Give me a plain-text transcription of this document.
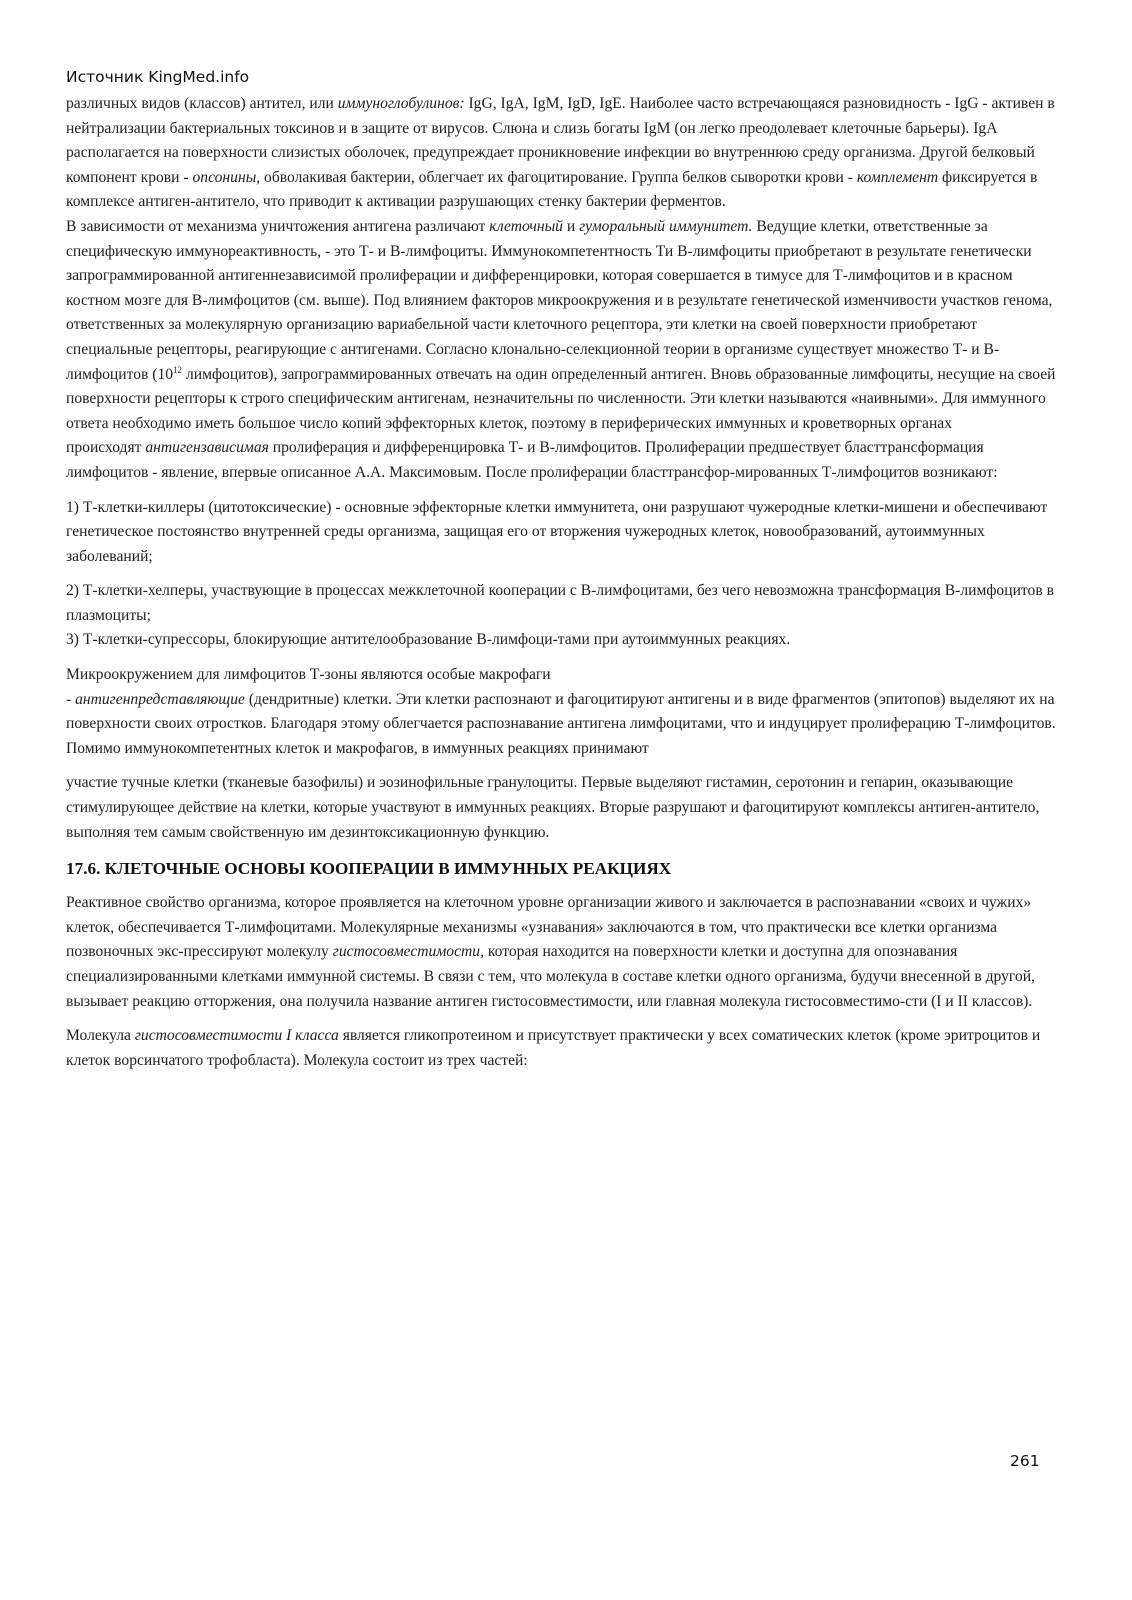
Источник KingMed.info

различных видов (классов) антител, или иммуноглобулинов: IgG, IgA, IgM, IgD, IgE. Наиболее часто встречающаяся разновидность - IgG - активен в нейтрализации бактериальных токсинов и в защите от вирусов. Слюна и слизь богаты IgM (он легко преодолевает клеточные барьеры). IgA располагается на поверхности слизистых оболочек, предупреждает проникновение инфекции во внутреннюю среду организма. Другой белковый компонент крови - опсонины, обволакивая бактерии, облегчает их фагоцитирование. Группа белков сыворотки крови - комплемент фиксируется в комплексе антиген-антитело, что приводит к активации разрушающих стенку бактерии ферментов.

В зависимости от механизма уничтожения антигена различают клеточный и гуморальный иммунитет. Ведущие клетки, ответственные за специфическую иммунореактивность, - это Т- и В-лимфоциты. Иммунокомпетентность Ти В-лимфоциты приобретают в результате генетически запрограммированной антигеннезависимой пролиферации и дифференцировки, которая совершается в тимусе для Т-лимфоцитов и в красном костном мозге для В-лимфоцитов (см. выше). Под влиянием факторов микроокружения и в результате генетической изменчивости участков генома, ответственных за молекулярную организацию вариабельной части клеточного рецептора, эти клетки на своей поверхности приобретают специальные рецепторы, реагирующие с антигенами. Согласно клонально-селекционной теории в организме существует множество Т- и В-лимфоцитов ($10^{12}$ лимфоцитов), запрограммированных отвечать на один определенный антиген. Вновь образованные лимфоциты, несущие на своей поверхности рецепторы к строго специфическим антигенам, незначительны по численности. Эти клетки называются «наивными». Для иммунного ответа необходимо иметь большое число копий эффекторных клеток, поэтому в периферических иммунных и кроветворных органах

происходят антигензависимая пролиферация и дифференцировка Т- и В-лимфоцитов. Пролиферации предшествует бласттрансформация лимфоцитов - явление, впервые описанное А.А. Максимовым. После пролиферации бласттрансфор-мированных Т-лимфоцитов возникают:

1) Т-клетки-киллеры (цитотоксические) - основные эффекторные клетки иммунитета, они разрушают чужеродные клетки-мишени и обеспечивают генетическое постоянство внутренней среды организма, защищая его от вторжения чужеродных клеток, новообразований, аутоиммунных заболеваний;

2) Т-клетки-хелперы, участвующие в процессах межклеточной кооперации с В-лимфоцитами, без чего невозможна трансформация В-лимфоцитов в плазмоциты;

3) Т-клетки-супрессоры, блокирующие антителообразование В-лимфоци-тами при аутоиммунных реакциях.

Микроокружением для лимфоцитов Т-зоны являются особые макрофаги
- антигенпредставляющие (дендритные) клетки. Эти клетки распознают и фагоцитируют антигены и в виде фрагментов (эпитопов) выделяют их на поверхности своих отростков. Благодаря этому облегчается распознавание антигена лимфоцитами, что и индуцирует пролиферацию Т-лимфоцитов. Помимо иммунокомпетентных клеток и макрофагов, в иммунных реакциях принимают

участие тучные клетки (тканевые базофилы) и эозинофильные гранулоциты. Первые выделяют гистамин, серотонин и гепарин, оказывающие стимулирующее действие на клетки, которые участвуют в иммунных реакциях. Вторые разрушают и фагоцитируют комплексы антиген-антитело, выполняя тем самым свойственную им дезинтоксикационную функцию.

17.6. КЛЕТОЧНЫЕ ОСНОВЫ КООПЕРАЦИИ В ИММУННЫХ РЕАКЦИЯХ

Реактивное свойство организма, которое проявляется на клеточном уровне организации живого и заключается в распознавании «своих и чужих» клеток, обеспечивается Т-лимфоцитами. Молекулярные механизмы «узнавания» заключаются в том, что практически все клетки организма позвоночных экс-прессируют молекулу гистосовместимости, которая находится на поверхности клетки и доступна для опознавания специализированными клетками иммунной системы. В связи с тем, что молекула в составе клетки одного организма, будучи внесенной в другой, вызывает реакцию отторжения, она получила название антиген гистосовместимости, или главная молекула гистосовместимо-сти (I и II классов).

Молекула гистосовместимости I класса является гликопротеином и присутствует практически у всех соматических клеток (кроме эритроцитов и клеток ворсинчатого трофобласта). Молекула состоит из трех частей:

261
